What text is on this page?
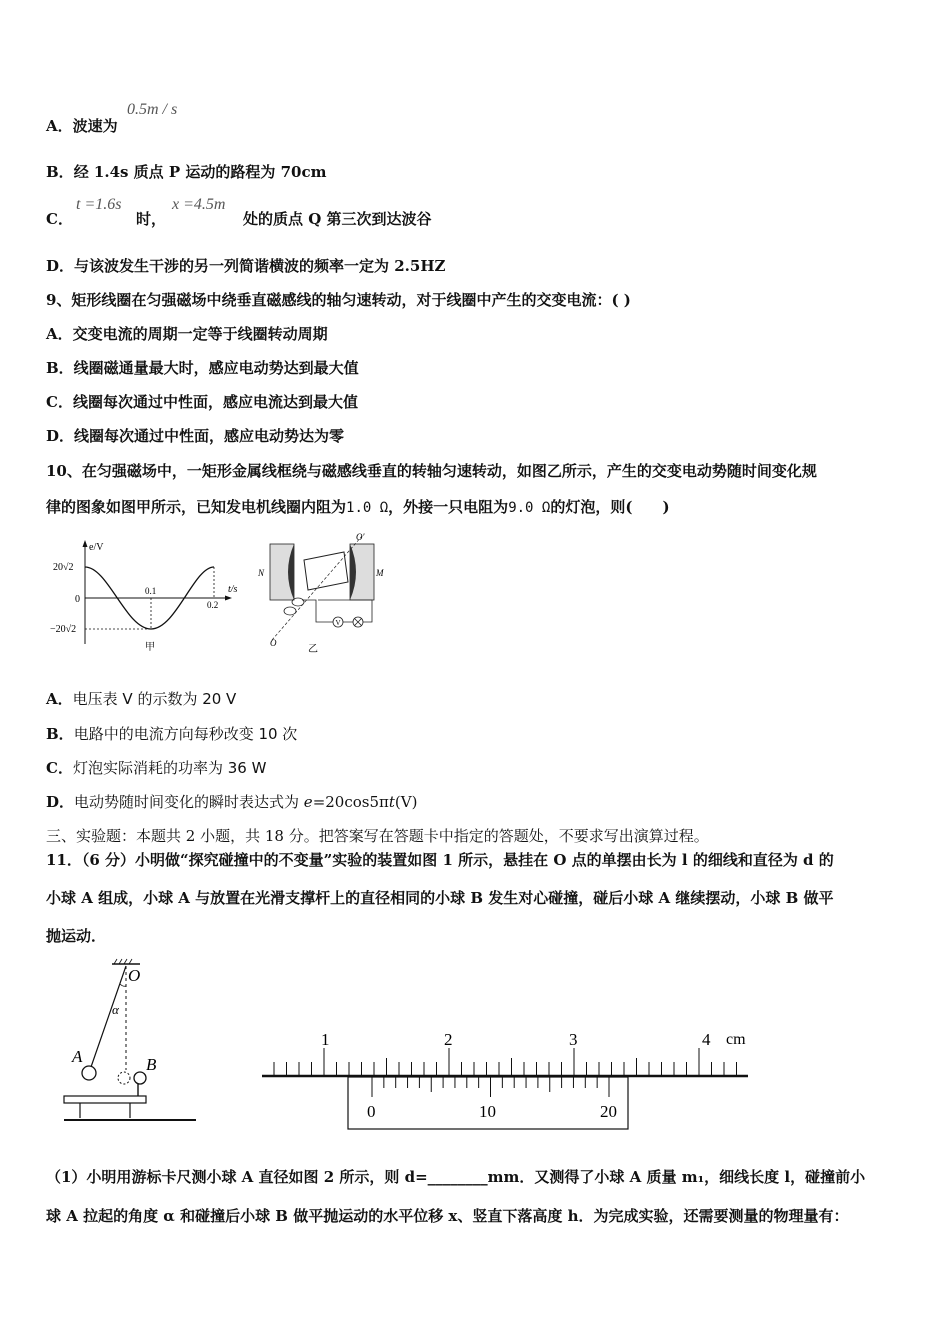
A．波速为
0.5m / s
B．经 1.4s 质点 P 运动的路程为 70cm
C．
t =1.6s
时，
x =4.5m
处的质点 Q 第三次到达波谷
D．与该波发生干涉的另一列简谐横波的频率一定为 2.5HZ
9、矩形线圈在匀强磁场中绕垂直磁感线的轴匀速转动，对于线圈中产生的交变电流：( )
A．交变电流的周期一定等于线圈转动周期
B．线圈磁通量最大时，感应电动势达到最大值
C．线圈每次通过中性面，感应电流达到最大值
D．线圈每次通过中性面，感应电动势达为零
10、在匀强磁场中，一矩形金属线框绕与磁感线垂直的转轴匀速转动，如图乙所示，产生的交变电动势随时间变化规
律的图象如图甲所示，已知发电机线圈内阻为1.0 Ω，外接一只电阻为9.0 Ω的灯泡，则(　　)
e/V
t/s
20√2
−20√2
0
0.1
0.2
甲
V
N	M
O
O′
乙
A．电压表 V 的示数为 20 V
B．电路中的电流方向每秒改变 10 次
C．灯泡实际消耗的功率为 36 W
D．电动势随时间变化的瞬时表达式为 e=20cos5πt(V)
三、实验题：本题共 2 小题，共 18 分。把答案写在答题卡中指定的答题处，不要求写出演算过程。
11．（6 分）小明做“探究碰撞中的不变量”实验的装置如图 1 所示，悬挂在 O 点的单摆由长为 l 的细线和直径为 d 的
小球 A 组成，小球 A 与放置在光滑支撑杆上的直径相同的小球 B 发生对心碰撞，碰后小球 A 继续摆动，小球 B 做平
抛运动．
O
α
A	B
1	2	3	4 cm
0	10	20
（1）小明用游标卡尺测小球 A 直径如图 2 所示，则 d=________mm．又测得了小球 A 质量 m₁，细线长度 l，碰撞前小
球 A 拉起的角度 α 和碰撞后小球 B 做平抛运动的水平位移 x、竖直下落高度 h．为完成实验，还需要测量的物理量有：
